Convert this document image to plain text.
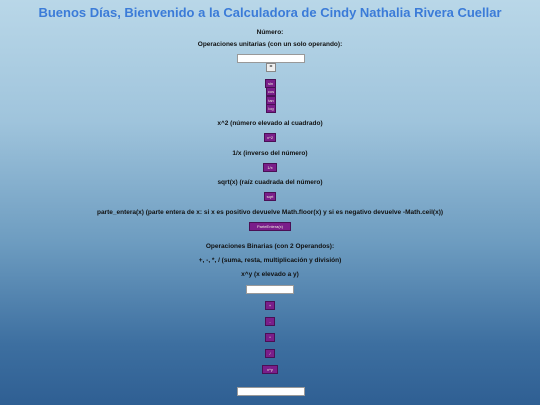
Buenos Días, Bienvenido a la Calculadora de Cindy Nathalia Rivera Cuellar
Número:
Operaciones unitarias (con un solo operando):
=
sin
cos
tan
log
x^2 (número elevado al cuadrado)
x^2
1/x (inverso del número)
1/x
sqrt(x) (raíz cuadrada del número)
sqrt
parte_entera(x) (parte entera de x: si x es positivo devuelve Math.floor(x) y si es negativo devuelve -Math.ceil(x))
ParteEntera(x)
Operaciones Binarias (con 2 Operandos):
+, -, *, / (suma, resta, multiplicación y división)
x^y (x elevado a y)
+
-
*
/
x^y
